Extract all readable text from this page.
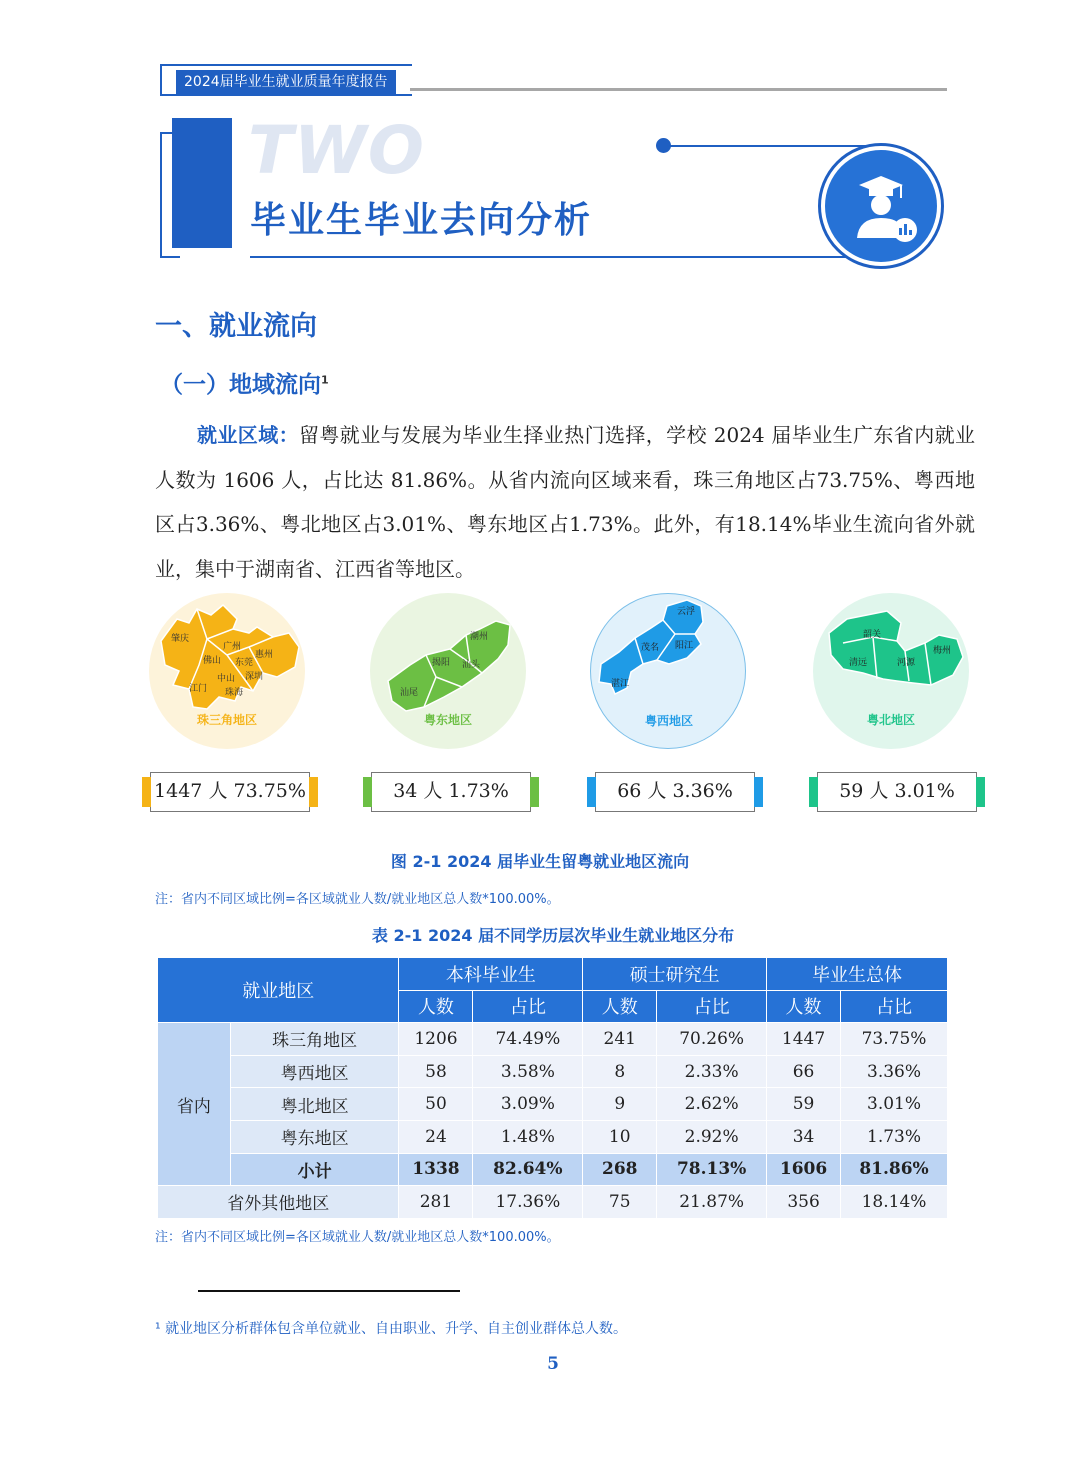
2024届毕业生就业质量年度报告
TWO
毕业生毕业去向分析
一、就业流向
（一）地域流向$^1$
就业区域：留粤就业与发展为毕业生择业热门选择，学校 2024 届毕业生广东省内就业人数为 1606 人，占比达 81.86%。从省内流向区域来看，珠三角地区占73.75%、粤西地区占3.36%、粤北地区占3.01%、粤东地区占1.73%。此外，有18.14%毕业生流向省外就业，集中于湖南省、江西省等地区。
肇庆
广州
佛山 东莞
惠州
深圳
中山
江门 珠海
珠三角地区
潮州
揭阳 汕头
汕尾
粤东地区
云浮
茂名 阳江
湛江
粤西地区
韶关
清远	河源
梅州
粤北地区
1447 人 73.75%	34 人 1.73%	66 人 3.36%	59 人 3.01%
图 2-1 2024 届毕业生留粤就业地区流向
注：省内不同区域比例=各区域就业人数/就业地区总人数*100.00%。
表 2-1 2024 届不同学历层次毕业生就业地区分布
就业地区		本科毕业生		硕士研究生		毕业生总体	
		人数	占比	人数	占比	人数	占比
省内	珠三角地区	1206	74.49%	241	70.26%	1447	73.75%
	粤西地区	58	3.58%	8	2.33%	66	3.36%
	粤北地区	50	3.09%	9	2.62%	59	3.01%
	粤东地区	24	1.48%	10	2.92%	34	1.73%
	小计	1338	82.64%	268	78.13%	1606	81.86%
省外其他地区		281	17.36%	75	21.87%	356	18.14%
注：省内不同区域比例=各区域就业人数/就业地区总人数*100.00%。
¹ 就业地区分析群体包含单位就业、自由职业、升学、自主创业群体总人数。
5
